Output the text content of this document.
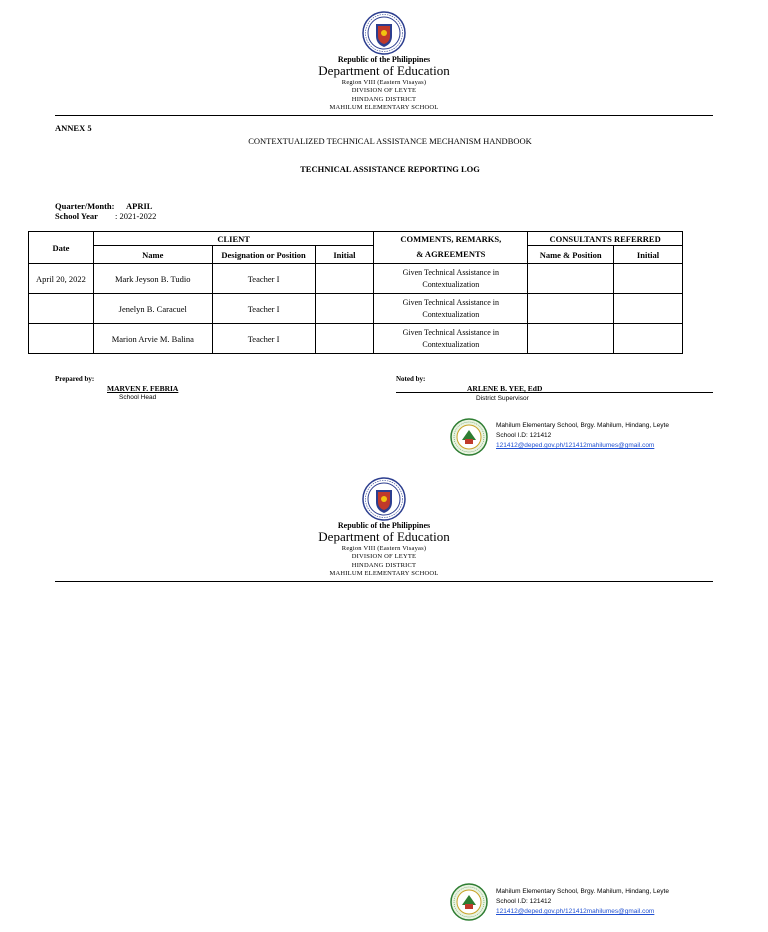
Republic of the Philippines
Department of Education
Region VIII (Eastern Visayas)
DIVISION OF LEYTE
HINDANG DISTRICT
MAHILUM ELEMENTARY SCHOOL
ANNEX 5
CONTEXTUALIZED TECHNICAL ASSISTANCE MECHANISM HANDBOOK
TECHNICAL ASSISTANCE REPORTING LOG
Quarter/Month: APRIL
School Year : 2021-2022
Date	CLIENT			COMMENTS, REMARKS,	CONSULTANTS REFERRED	
	Name	Designation or Position	Initial	& AGREEMENTS	Name & Position	Initial
April 20, 2022	Mark Jeyson B. Tudio	Teacher I		Given Technical Assistance in Contextualization		
	Jenelyn B. Caracuel	Teacher I		Given Technical Assistance in Contextualization		
	Marion Arvie M. Balina	Teacher I		Given Technical Assistance in Contextualization		
Prepared by:
MARVEN F. FEBRIA
School Head
Noted by:
ARLENE B. YEE, EdD
District Supervisor
Mahilum Elementary School, Brgy. Mahilum, Hindang, Leyte
School I.D: 121412
121412@deped.gov.ph/121412mahilumes@gmail.com
Republic of the Philippines
Department of Education
Region VIII (Eastern Visayas)
DIVISION OF LEYTE
HINDANG DISTRICT
MAHILUM ELEMENTARY SCHOOL
Mahilum Elementary School, Brgy. Mahilum, Hindang, Leyte
School I.D: 121412
121412@deped.gov.ph/121412mahilumes@gmail.com
